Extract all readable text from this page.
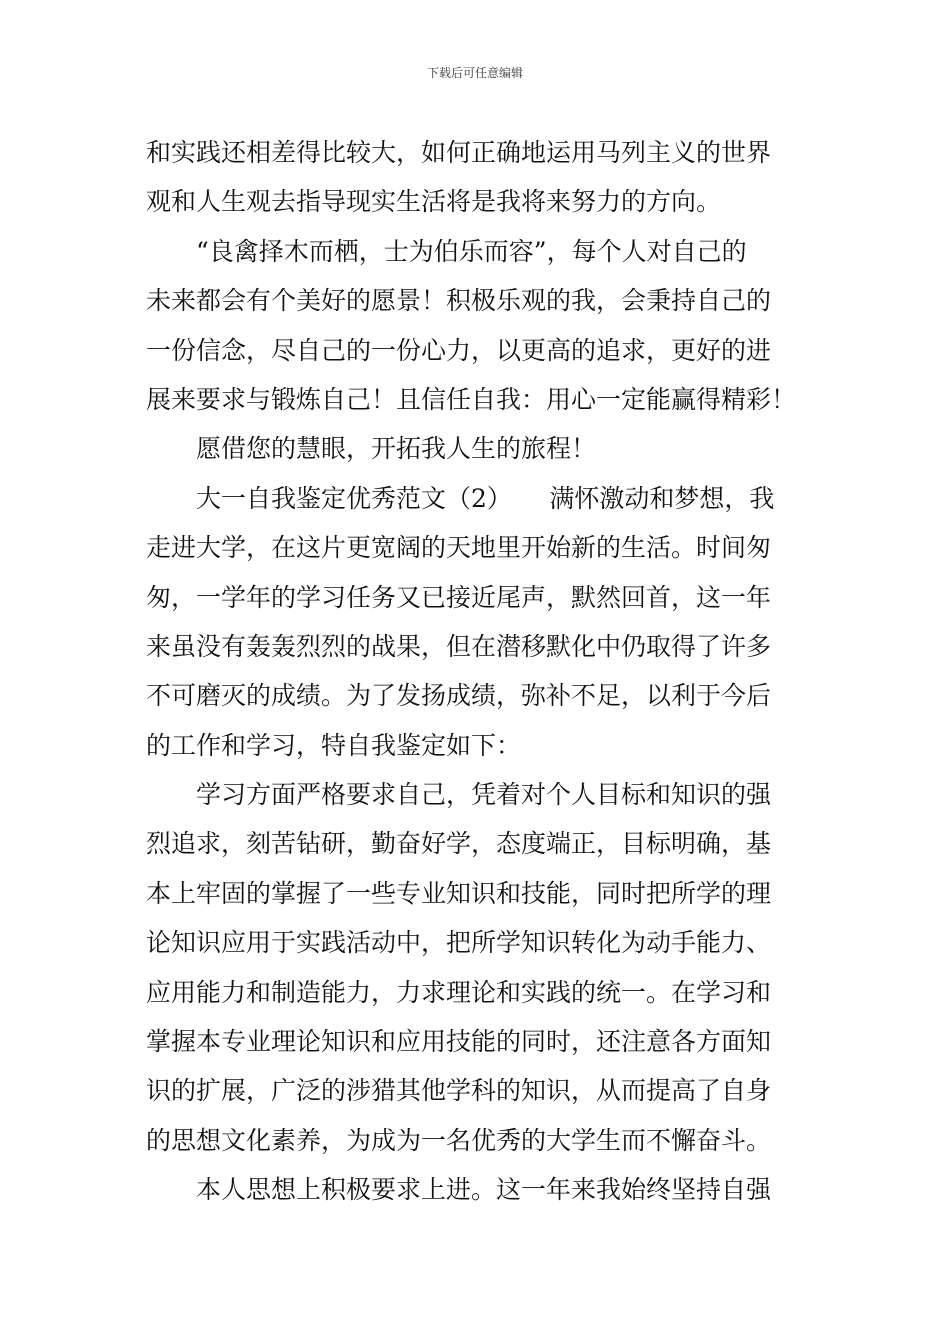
下载后可任意编辑
和实践还相差得比较大，如何正确地运用马列主义的世界
观和人生观去指导现实生活将是我将来努力的方向。
“良禽择木而栖，士为伯乐而容”，每个人对自己的
未来都会有个美好的愿景！积极乐观的我，会秉持自己的
一份信念，尽自己的一份心力，以更高的追求，更好的进
展来要求与锻炼自己！且信任自我：用心一定能赢得精彩！
愿借您的慧眼，开拓我人生的旅程！
大一自我鉴定优秀范文（2）　　满怀激动和梦想，我
走进大学，在这片更宽阔的天地里开始新的生活。时间匆
匆，一学年的学习任务又已接近尾声，默然回首，这一年
来虽没有轰轰烈烈的战果，但在潜移默化中仍取得了许多
不可磨灭的成绩。为了发扬成绩，弥补不足，以利于今后
的工作和学习，特自我鉴定如下：
学习方面严格要求自己，凭着对个人目标和知识的强
烈追求，刻苦钻研，勤奋好学，态度端正，目标明确，基
本上牢固的掌握了一些专业知识和技能，同时把所学的理
论知识应用于实践活动中，把所学知识转化为动手能力、
应用能力和制造能力，力求理论和实践的统一。在学习和
掌握本专业理论知识和应用技能的同时，还注意各方面知
识的扩展，广泛的涉猎其他学科的知识，从而提高了自身
的思想文化素养，为成为一名优秀的大学生而不懈奋斗。
本人思想上积极要求上进。这一年来我始终坚持自强
